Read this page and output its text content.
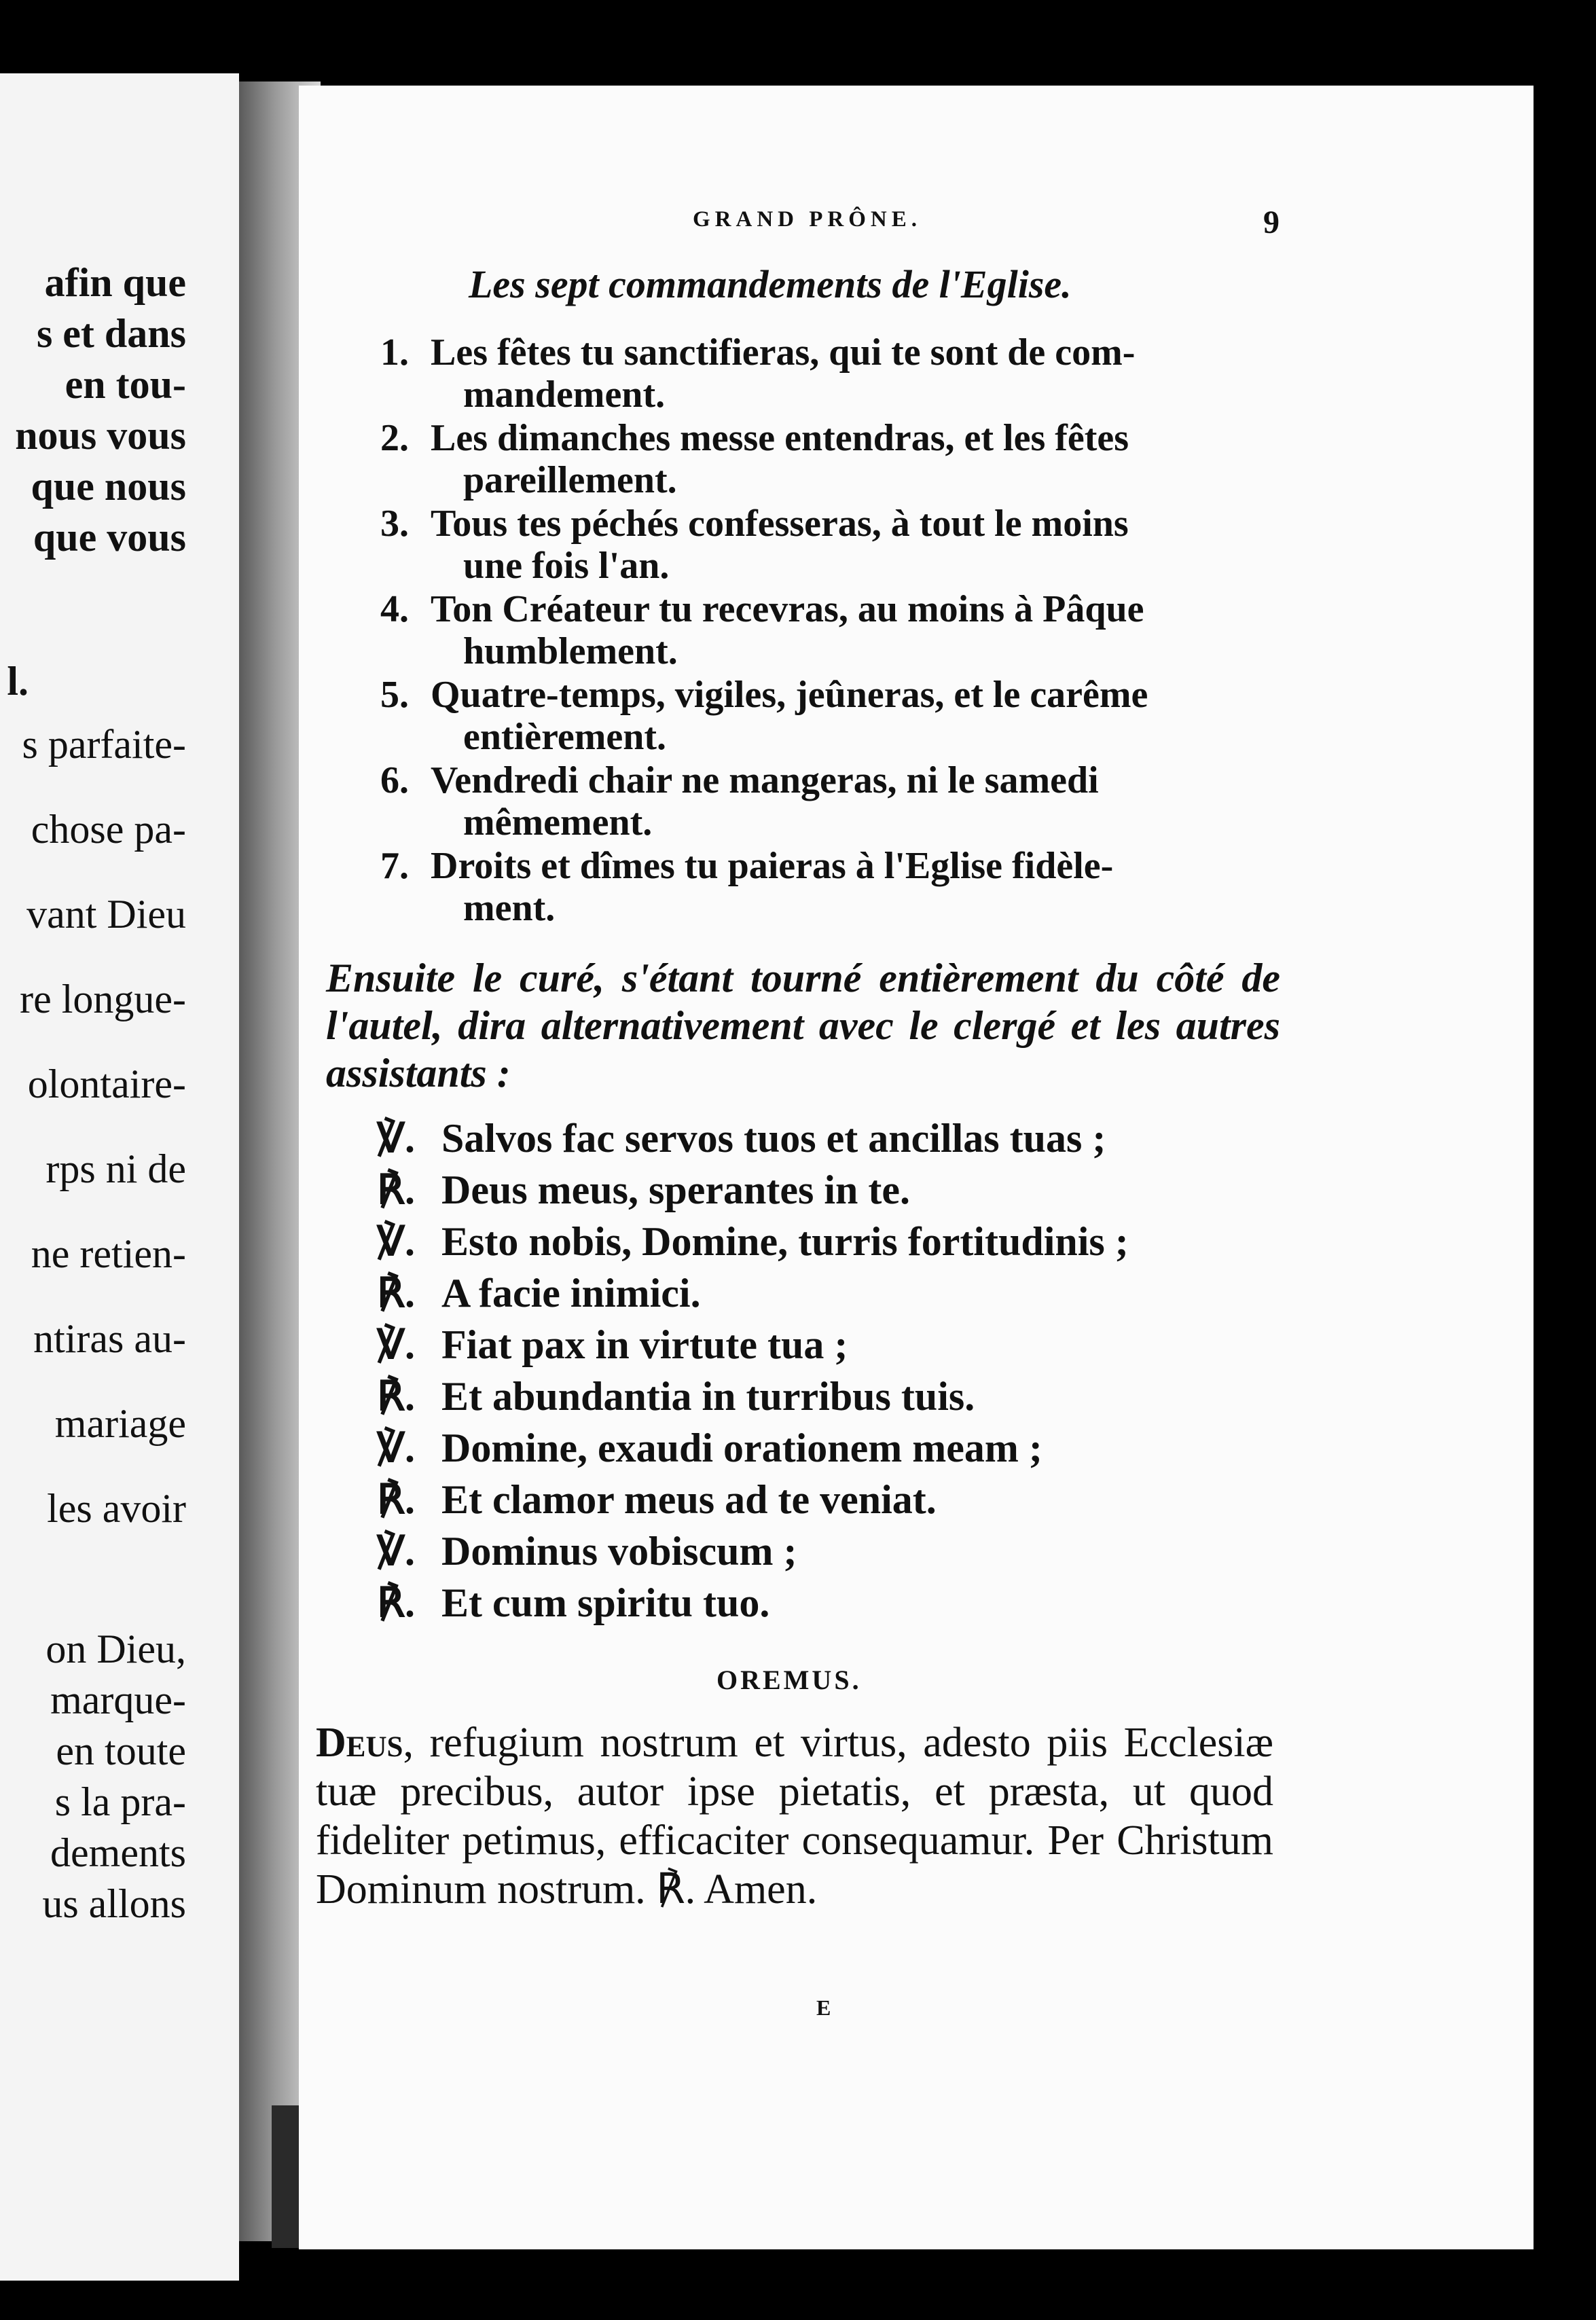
afin que
s et dans
en tou-
nous vous
que nous
que vous
l.
s parfaite-
chose pa-
vant Dieu
re longue-
olontaire-
rps ni de
ne retien-
ntiras au-
mariage
les avoir
on Dieu,
marque-
en toute
s la pra-
dements
us allons
GRAND PRÔNE.	9
Les sept commandements de l'Eglise.
1. Les fêtes tu sanctifieras, qui te sont de com-
mandement.
2. Les dimanches messe entendras, et les fêtes
pareillement.
3. Tous tes péchés confesseras, à tout le moins
une fois l'an.
4. Ton Créateur tu recevras, au moins à Pâque
humblement.
5. Quatre-temps, vigiles, jeûneras, et le carême
entièrement.
6. Vendredi chair ne mangeras, ni le samedi
mêmement.
7. Droits et dîmes tu paieras à l'Eglise fidèle-
ment.
Ensuite le curé, s'étant tourné entièrement du côté de l'autel, dira alternativement avec le clergé et les autres assistants :
℣. Salvos fac servos tuos et ancillas tuas ;
℟. Deus meus, sperantes in te.
℣. Esto nobis, Domine, turris fortitudinis ;
℟. A facie inimici.
℣. Fiat pax in virtute tua ;
℟. Et abundantia in turribus tuis.
℣. Domine, exaudi orationem meam ;
℟. Et clamor meus ad te veniat.
℣. Dominus vobiscum ;
℟. Et cum spiritu tuo.
OREMUS.
Deus, refugium nostrum et virtus, adesto piis Ecclesiæ tuæ precibus, autor ipse pietatis, et præsta, ut quod fideliter petimus, efficaciter consequamur. Per Christum Dominum nostrum. ℟. Amen.
E
